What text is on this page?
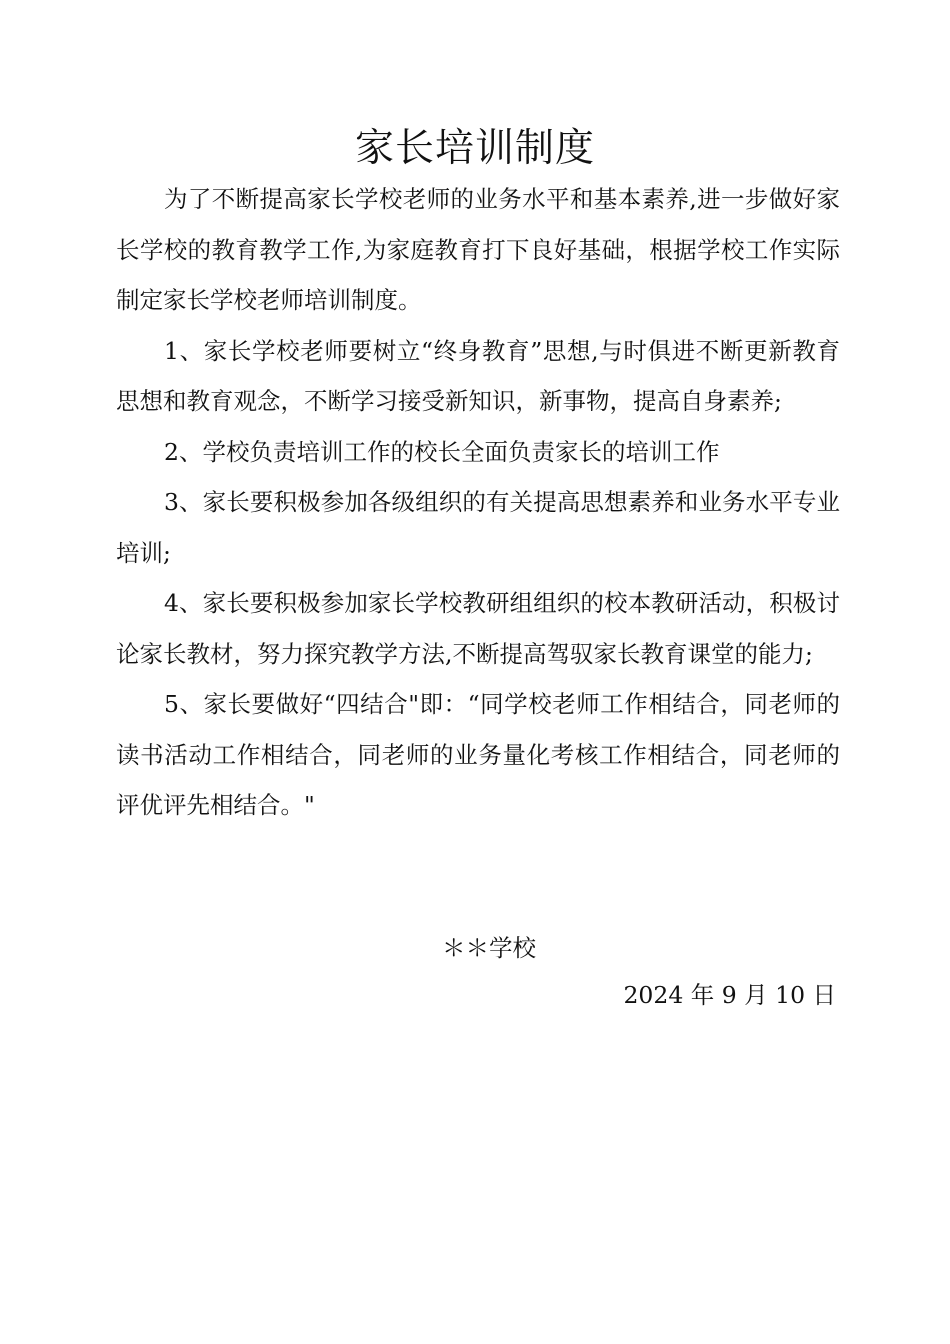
家长培训制度

为了不断提高家长学校老师的业务水平和基本素养,进一步做好家长学校的教育教学工作,为家庭教育打下良好基础，根据学校工作实际制定家长学校老师培训制度。

1、家长学校老师要树立“终身教育”思想,与时俱进不断更新教育思想和教育观念，不断学习接受新知识，新事物，提高自身素养;

2、学校负责培训工作的校长全面负责家长的培训工作

3、家长要积极参加各级组织的有关提高思想素养和业务水平专业培训;

4、家长要积极参加家长学校教研组组织的校本教研活动，积极讨论家长教材，努力探究教学方法,不断提高驾驭家长教育课堂的能力;

5、家长要做好“四结合"即：“同学校老师工作相结合，同老师的读书活动工作相结合，同老师的业务量化考核工作相结合，同老师的评优评先相结合。"

＊＊学校

2024 年 9 月 10 日
